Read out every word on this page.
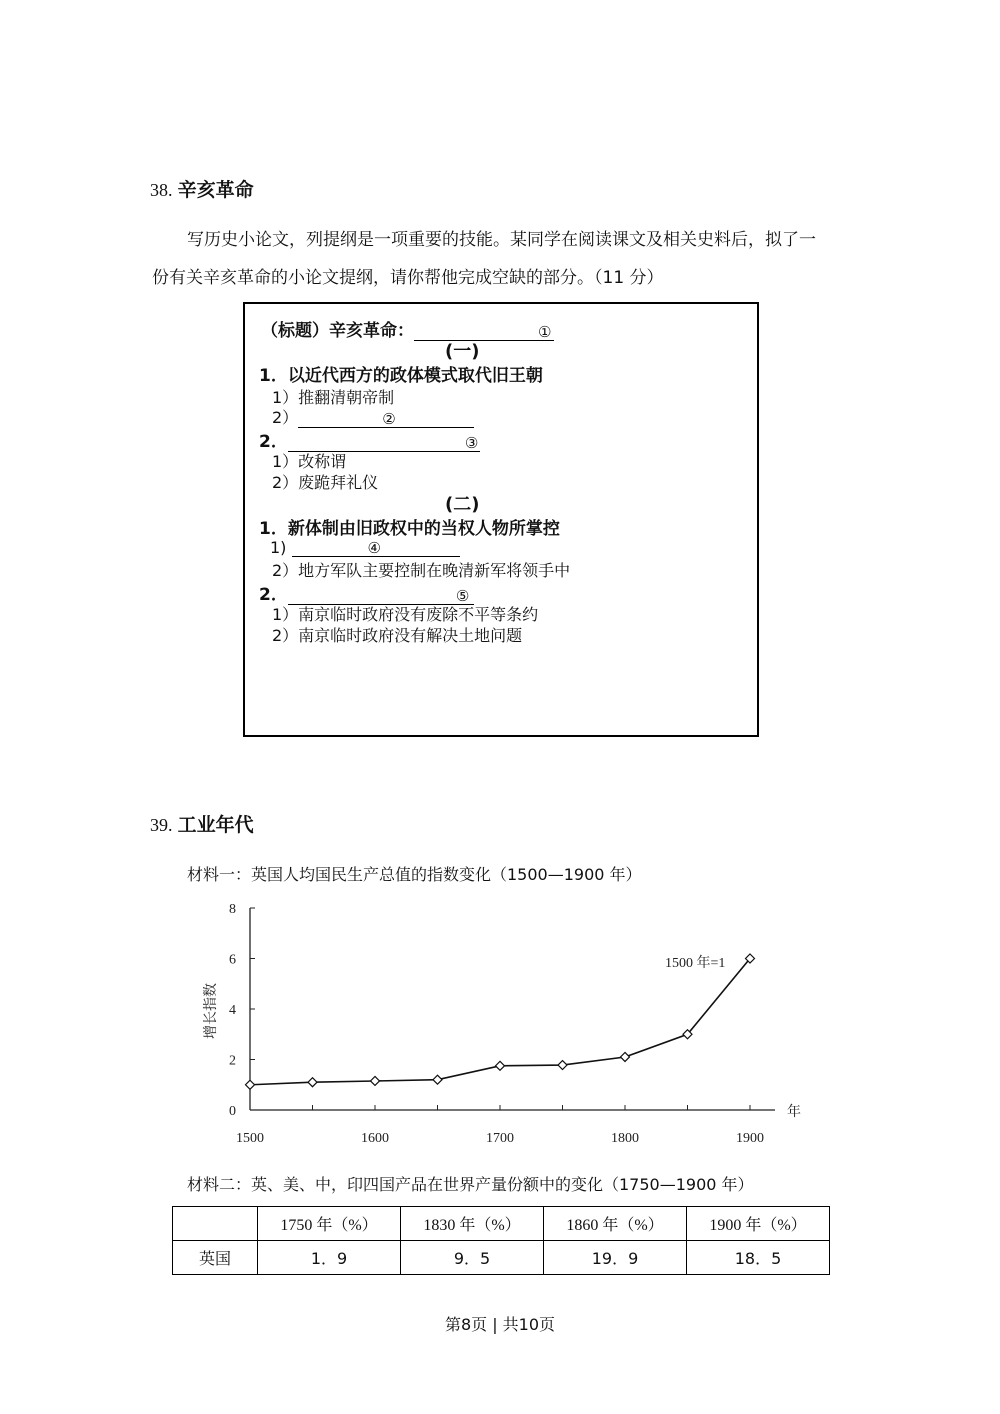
38. 辛亥革命
写历史小论文，列提纲是一项重要的技能。某同学在阅读课文及相关史料后，拟了一
份有关辛亥革命的小论文提纲，请你帮他完成空缺的部分。（11 分）
（标题）辛亥革命：	①
(一)
1．以近代西方的政体模式取代旧王朝
1）推翻清朝帝制
2）	②
2．	③
1）改称谓
2）废跪拜礼仪
(二)
1．新体制由旧政权中的当权人物所掌控
1)	④
2）地方军队主要控制在晚清新军将领手中
2．	⑤
1）南京临时政府没有废除不平等条约
2）南京临时政府没有解决土地问题
39. 工业年代
材料一：英国人均国民生产总值的指数变化（1500—1900 年）
0
2
4
6
8
1500	1600	1700	1800	1900
增长指数
年
1500 年=1
材料二：英、美、中，印四国产品在世界产量份额中的变化（1750—1900 年）
	1750 年（%）	1830 年（%）	1860 年（%）	1900 年（%）
英国	1．9	9．5	19．9	18．5
第8页 | 共10页
